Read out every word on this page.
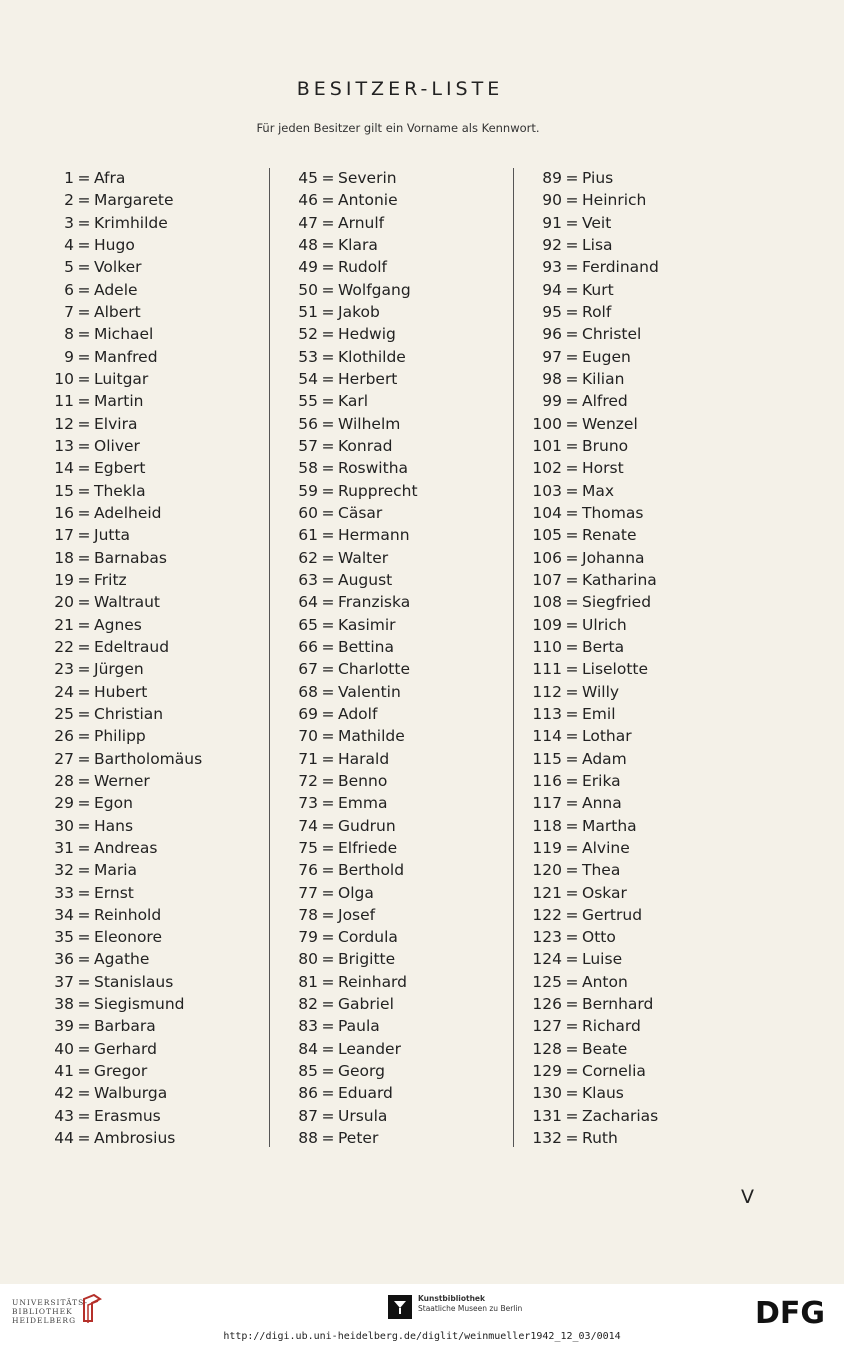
BESITZER-LISTE
Für jeden Besitzer gilt ein Vorname als Kennwort.
1 = Afra
2 = Margarete
3 = Krimhilde
4 = Hugo
5 = Volker
6 = Adele
7 = Albert
8 = Michael
9 = Manfred
10 = Luitgar
11 = Martin
12 = Elvira
13 = Oliver
14 = Egbert
15 = Thekla
16 = Adelheid
17 = Jutta
18 = Barnabas
19 = Fritz
20 = Waltraut
21 = Agnes
22 = Edeltraud
23 = Jürgen
24 = Hubert
25 = Christian
26 = Philipp
27 = Bartholomäus
28 = Werner
29 = Egon
30 = Hans
31 = Andreas
32 = Maria
33 = Ernst
34 = Reinhold
35 = Eleonore
36 = Agathe
37 = Stanislaus
38 = Siegismund
39 = Barbara
40 = Gerhard
41 = Gregor
42 = Walburga
43 = Erasmus
44 = Ambrosius
45 = Severin
46 = Antonie
47 = Arnulf
48 = Klara
49 = Rudolf
50 = Wolfgang
51 = Jakob
52 = Hedwig
53 = Klothilde
54 = Herbert
55 = Karl
56 = Wilhelm
57 = Konrad
58 = Roswitha
59 = Rupprecht
60 = Cäsar
61 = Hermann
62 = Walter
63 = August
64 = Franziska
65 = Kasimir
66 = Bettina
67 = Charlotte
68 = Valentin
69 = Adolf
70 = Mathilde
71 = Harald
72 = Benno
73 = Emma
74 = Gudrun
75 = Elfriede
76 = Berthold
77 = Olga
78 = Josef
79 = Cordula
80 = Brigitte
81 = Reinhard
82 = Gabriel
83 = Paula
84 = Leander
85 = Georg
86 = Eduard
87 = Ursula
88 = Peter
89 = Pius
90 = Heinrich
91 = Veit
92 = Lisa
93 = Ferdinand
94 = Kurt
95 = Rolf
96 = Christel
97 = Eugen
98 = Kilian
99 = Alfred
100 = Wenzel
101 = Bruno
102 = Horst
103 = Max
104 = Thomas
105 = Renate
106 = Johanna
107 = Katharina
108 = Siegfried
109 = Ulrich
110 = Berta
111 = Liselotte
112 = Willy
113 = Emil
114 = Lothar
115 = Adam
116 = Erika
117 = Anna
118 = Martha
119 = Alvine
120 = Thea
121 = Oskar
122 = Gertrud
123 = Otto
124 = Luise
125 = Anton
126 = Bernhard
127 = Richard
128 = Beate
129 = Cornelia
130 = Klaus
131 = Zacharias
132 = Ruth
V
UNIVERSITÄTS-
BIBLIOTHEK
HEIDELBERG
Kunstbibliothek
Staatliche Museen zu Berlin	DFG
http://digi.ub.uni-heidelberg.de/diglit/weinmueller1942_12_03/0014
